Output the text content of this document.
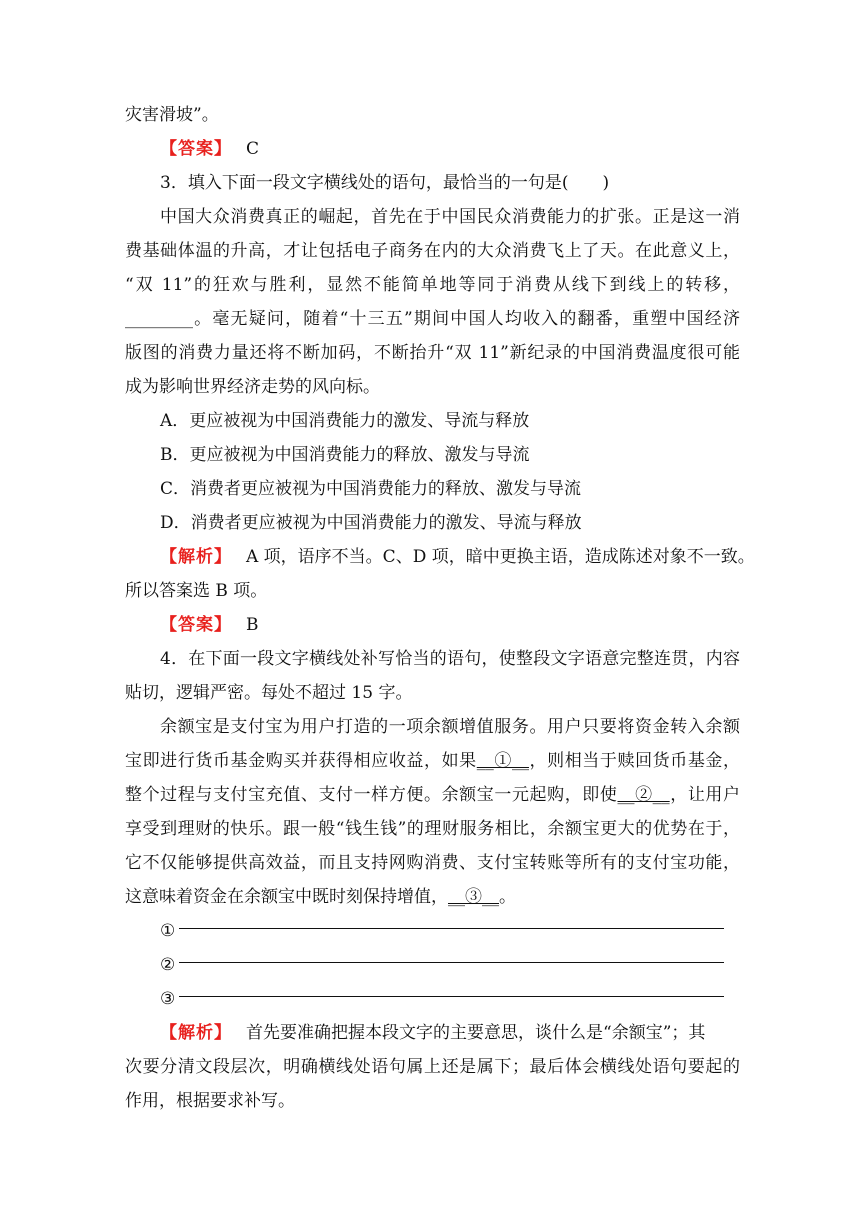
灾害滑坡”。
【答案】 C
3．填入下面一段文字横线处的语句，最恰当的一句是(　　)
中国大众消费真正的崛起，首先在于中国民众消费能力的扩张。正是这一消
费基础体温的升高，才让包括电子商务在内的大众消费飞上了天。在此意义上，
“双 11”的狂欢与胜利，显然不能简单地等同于消费从线下到线上的转移，
________。毫无疑问，随着“十三五”期间中国人均收入的翻番，重塑中国经济
版图的消费力量还将不断加码，不断抬升“双 11”新纪录的中国消费温度很可能
成为影响世界经济走势的风向标。
A．更应被视为中国消费能力的激发、导流与释放
B．更应被视为中国消费能力的释放、激发与导流
C．消费者更应被视为中国消费能力的释放、激发与导流
D．消费者更应被视为中国消费能力的激发、导流与释放
【解析】 A 项，语序不当。C、D 项，暗中更换主语，造成陈述对象不一致。
所以答案选 B 项。
【答案】 B
4．在下面一段文字横线处补写恰当的语句，使整段文字语意完整连贯，内容
贴切，逻辑严密。每处不超过 15 字。
余额宝是支付宝为用户打造的一项余额增值服务。用户只要将资金转入余额
宝即进行货币基金购买并获得相应收益，如果__①__，则相当于赎回货币基金，
整个过程与支付宝充值、支付一样方便。余额宝一元起购，即使__②__，让用户
享受到理财的快乐。跟一般“钱生钱”的理财服务相比，余额宝更大的优势在于，
它不仅能够提供高效益，而且支持网购消费、支付宝转账等所有的支付宝功能，
这意味着资金在余额宝中既时刻保持增值，__③__。
①
②
③
【解析】 首先要准确把握本段文字的主要意思，谈什么是“余额宝”；其
次要分清文段层次，明确横线处语句属上还是属下；最后体会横线处语句要起的
作用，根据要求补写。
